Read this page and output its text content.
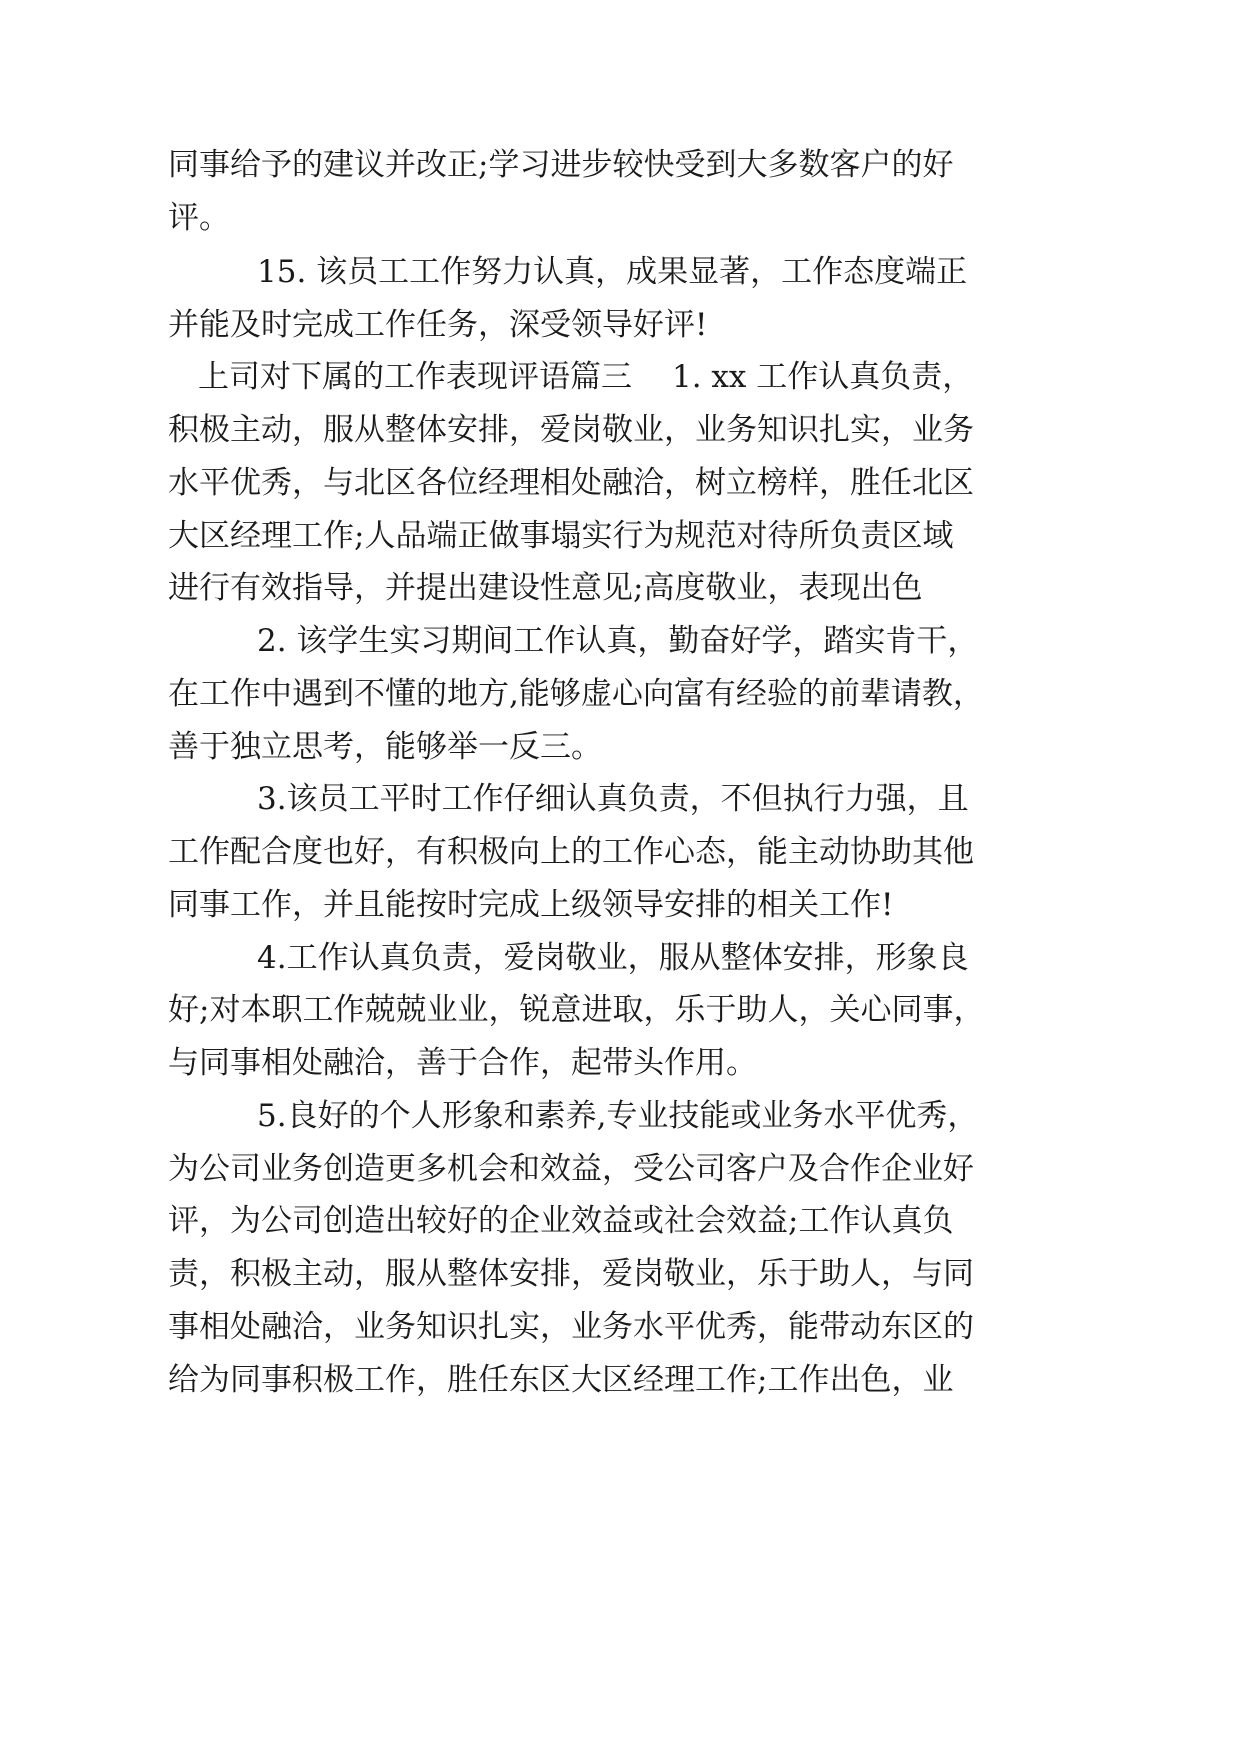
同事给予的建议并改正;学习进步较快受到大多数客户的好

评。

15. 该员工工作努力认真，成果显著，工作态度端正

并能及时完成工作任务，深受领导好评!

上司对下属的工作表现评语篇三 1. xx 工作认真负责，

积极主动，服从整体安排，爱岗敬业，业务知识扎实，业务

水平优秀，与北区各位经理相处融洽，树立榜样，胜任北区

大区经理工作;人品端正做事塌实行为规范对待所负责区域

进行有效指导，并提出建设性意见;高度敬业，表现出色

2. 该学生实习期间工作认真，勤奋好学，踏实肯干，

在工作中遇到不懂的地方,能够虚心向富有经验的前辈请教，

善于独立思考，能够举一反三。

3.该员工平时工作仔细认真负责，不但执行力强，且

工作配合度也好，有积极向上的工作心态，能主动协助其他

同事工作，并且能按时完成上级领导安排的相关工作!

4.工作认真负责，爱岗敬业，服从整体安排，形象良

好;对本职工作兢兢业业，锐意进取，乐于助人，关心同事，

与同事相处融洽，善于合作，起带头作用。

5.良好的个人形象和素养,专业技能或业务水平优秀，

为公司业务创造更多机会和效益，受公司客户及合作企业好

评，为公司创造出较好的企业效益或社会效益;工作认真负

责，积极主动，服从整体安排，爱岗敬业，乐于助人，与同

事相处融洽，业务知识扎实，业务水平优秀，能带动东区的

给为同事积极工作，胜任东区大区经理工作;工作出色，业
